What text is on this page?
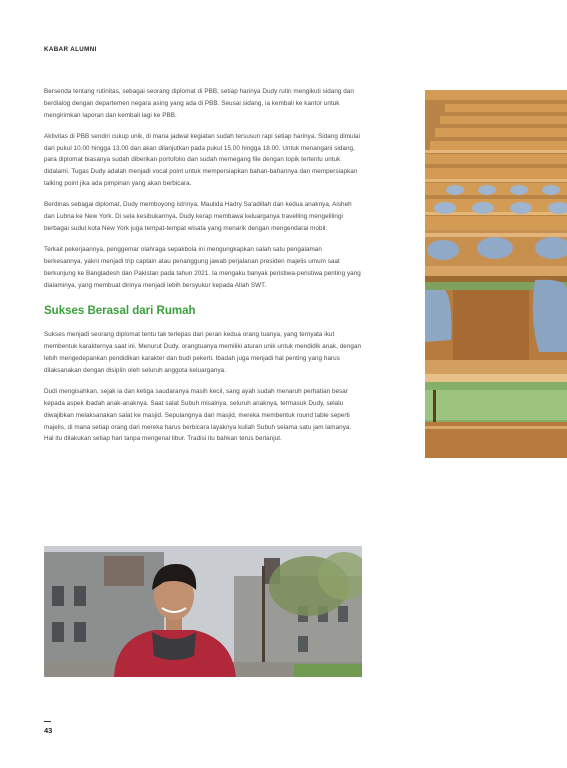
KABAR ALUMNI

Bersenda tentang rutinitas, sebagai seorang diplomat di PBB, setiap harinya Dudy rutin mengikuti sidang dan berdialog dengan departemen negara asing yang ada di PBB. Seusai sidang, ia kembali ke kantor untuk mengirimkan laporan dan kembali lagi ke PBB.

Aktivitas di PBB sendiri cukup unik, di mana jadwal kegiatan sudah tersusun rapi setiap harinya. Sidang dimulai dari pukul 10.00 hingga 13.00 dan akan dilanjutkan pada pukul 15.00 hingga 18.00. Untuk menangani sidang, para diplomat biasanya sudah diberikan portofolio dan sudah memegang file dengan topik tertentu untuk didalami. Tugas Dudy adalah menjadi vocal point untuk mempersiapkan bahan-bahannya dan mempersiapkan talking point jika ada pimpinan yang akan berbicara.

Berdinas sebagai diplomat, Dudy memboyong istrinya, Maulida Hadry Sa'adillah dan kedua anaknya, Aisheh dan Lubna ke New York. Di sela kesibukannya, Dudy kerap membawa keluarganya travelling mengelilingi berbagai sudut kota New York juga tempat-tempat wisata yang menarik dengan mengendarai mobil.

Terkait pekerjaannya, penggemar olahraga sepakbola ini mengungkapkan salah satu pengalaman berkesannya, yakni menjadi trip captain atau penanggung jawab perjalanan presiden majelis umum saat berkunjung ke Bangladesh dan Pakistan pada tahun 2021. Ia mengaku banyak peristiwa-peristiwa penting yang dialaminya, yang membuat dirinya menjadi lebih bersyukur kepada Allah SWT.

Sukses Berasal dari Rumah

Sukses menjadi seorang diplomat tentu tak terlepas dari peran kedua orang tuanya, yang ternyata ikut membentuk karakternya saat ini. Menurut Dudy, orangtuanya memiliki aturan unik untuk mendidik anak, dengan lebih mengedepankan pendidikan karakter dan budi pekerti. Ibadah juga menjadi hal penting yang harus dilaksanakan dengan disiplin oleh seluruh anggota keluarganya.

Dudi mengisahkan, sejak ia dan ketiga saudaranya masih kecil, sang ayah sudah menaruh perhatian besar kepada aspek ibadah anak-anaknya. Saat salat Subuh misalnya, seluruh anaknya, termasuk Dudy, selalu diwajibkan melaksanakan salat ke masjid. Sepulangnya dari masjid, mereka membentuk round table seperti majelis, di mana setiap orang dari mereka harus berbicara layaknya kuliah Subuh selama satu jam lamanya. Hal itu dilakukan setiap hari tanpa mengenal libur. Tradisi itu bahkan terus berlanjut.

43
